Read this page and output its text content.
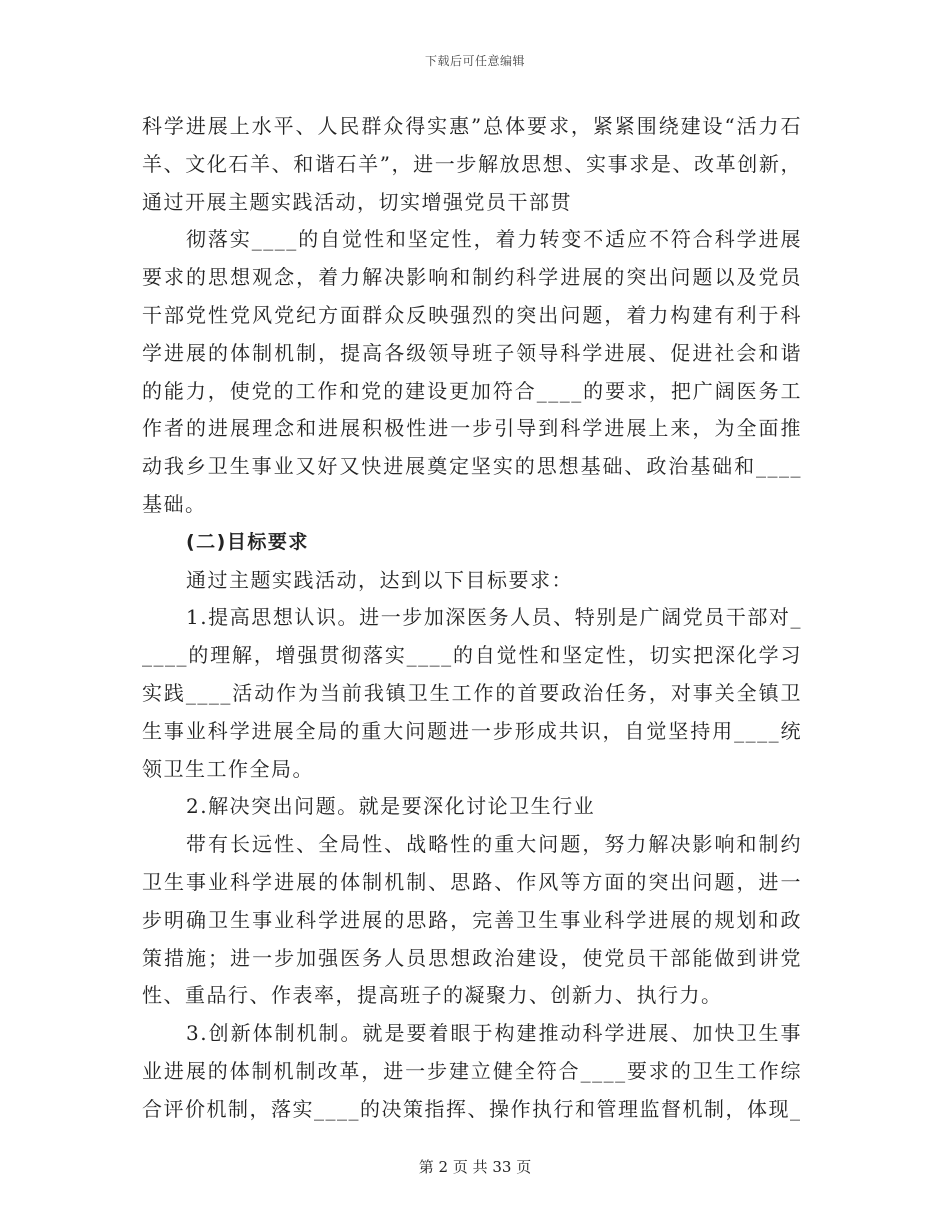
下载后可任意编辑

科学进展上水平、人民群众得实惠”总体要求，紧紧围绕建设“活力石羊、文化石羊、和谐石羊”，进一步解放思想、实事求是、改革创新，通过开展主题实践活动，切实增强党员干部贯

彻落实____的自觉性和坚定性，着力转变不适应不符合科学进展要求的思想观念，着力解决影响和制约科学进展的突出问题以及党员干部党性党风党纪方面群众反映强烈的突出问题，着力构建有利于科学进展的体制机制，提高各级领导班子领导科学进展、促进社会和谐的能力，使党的工作和党的建设更加符合____的要求，把广阔医务工作者的进展理念和进展积极性进一步引导到科学进展上来，为全面推动我乡卫生事业又好又快进展奠定坚实的思想基础、政治基础和____基础。

(二)目标要求

通过主题实践活动，达到以下目标要求：

1.提高思想认识。进一步加深医务人员、特别是广阔党员干部对_____的理解，增强贯彻落实____的自觉性和坚定性，切实把深化学习实践____活动作为当前我镇卫生工作的首要政治任务，对事关全镇卫生事业科学进展全局的重大问题进一步形成共识，自觉坚持用____统领卫生工作全局。

2.解决突出问题。就是要深化讨论卫生行业

带有长远性、全局性、战略性的重大问题，努力解决影响和制约卫生事业科学进展的体制机制、思路、作风等方面的突出问题，进一步明确卫生事业科学进展的思路，完善卫生事业科学进展的规划和政策措施；进一步加强医务人员思想政治建设，使党员干部能做到讲党性、重品行、作表率，提高班子的凝聚力、创新力、执行力。

3.创新体制机制。就是要着眼于构建推动科学进展、加快卫生事业进展的体制机制改革，进一步建立健全符合____要求的卫生工作综合评价机制，落实____的决策指挥、操作执行和管理监督机制，体现_

第 2 页 共 33 页
